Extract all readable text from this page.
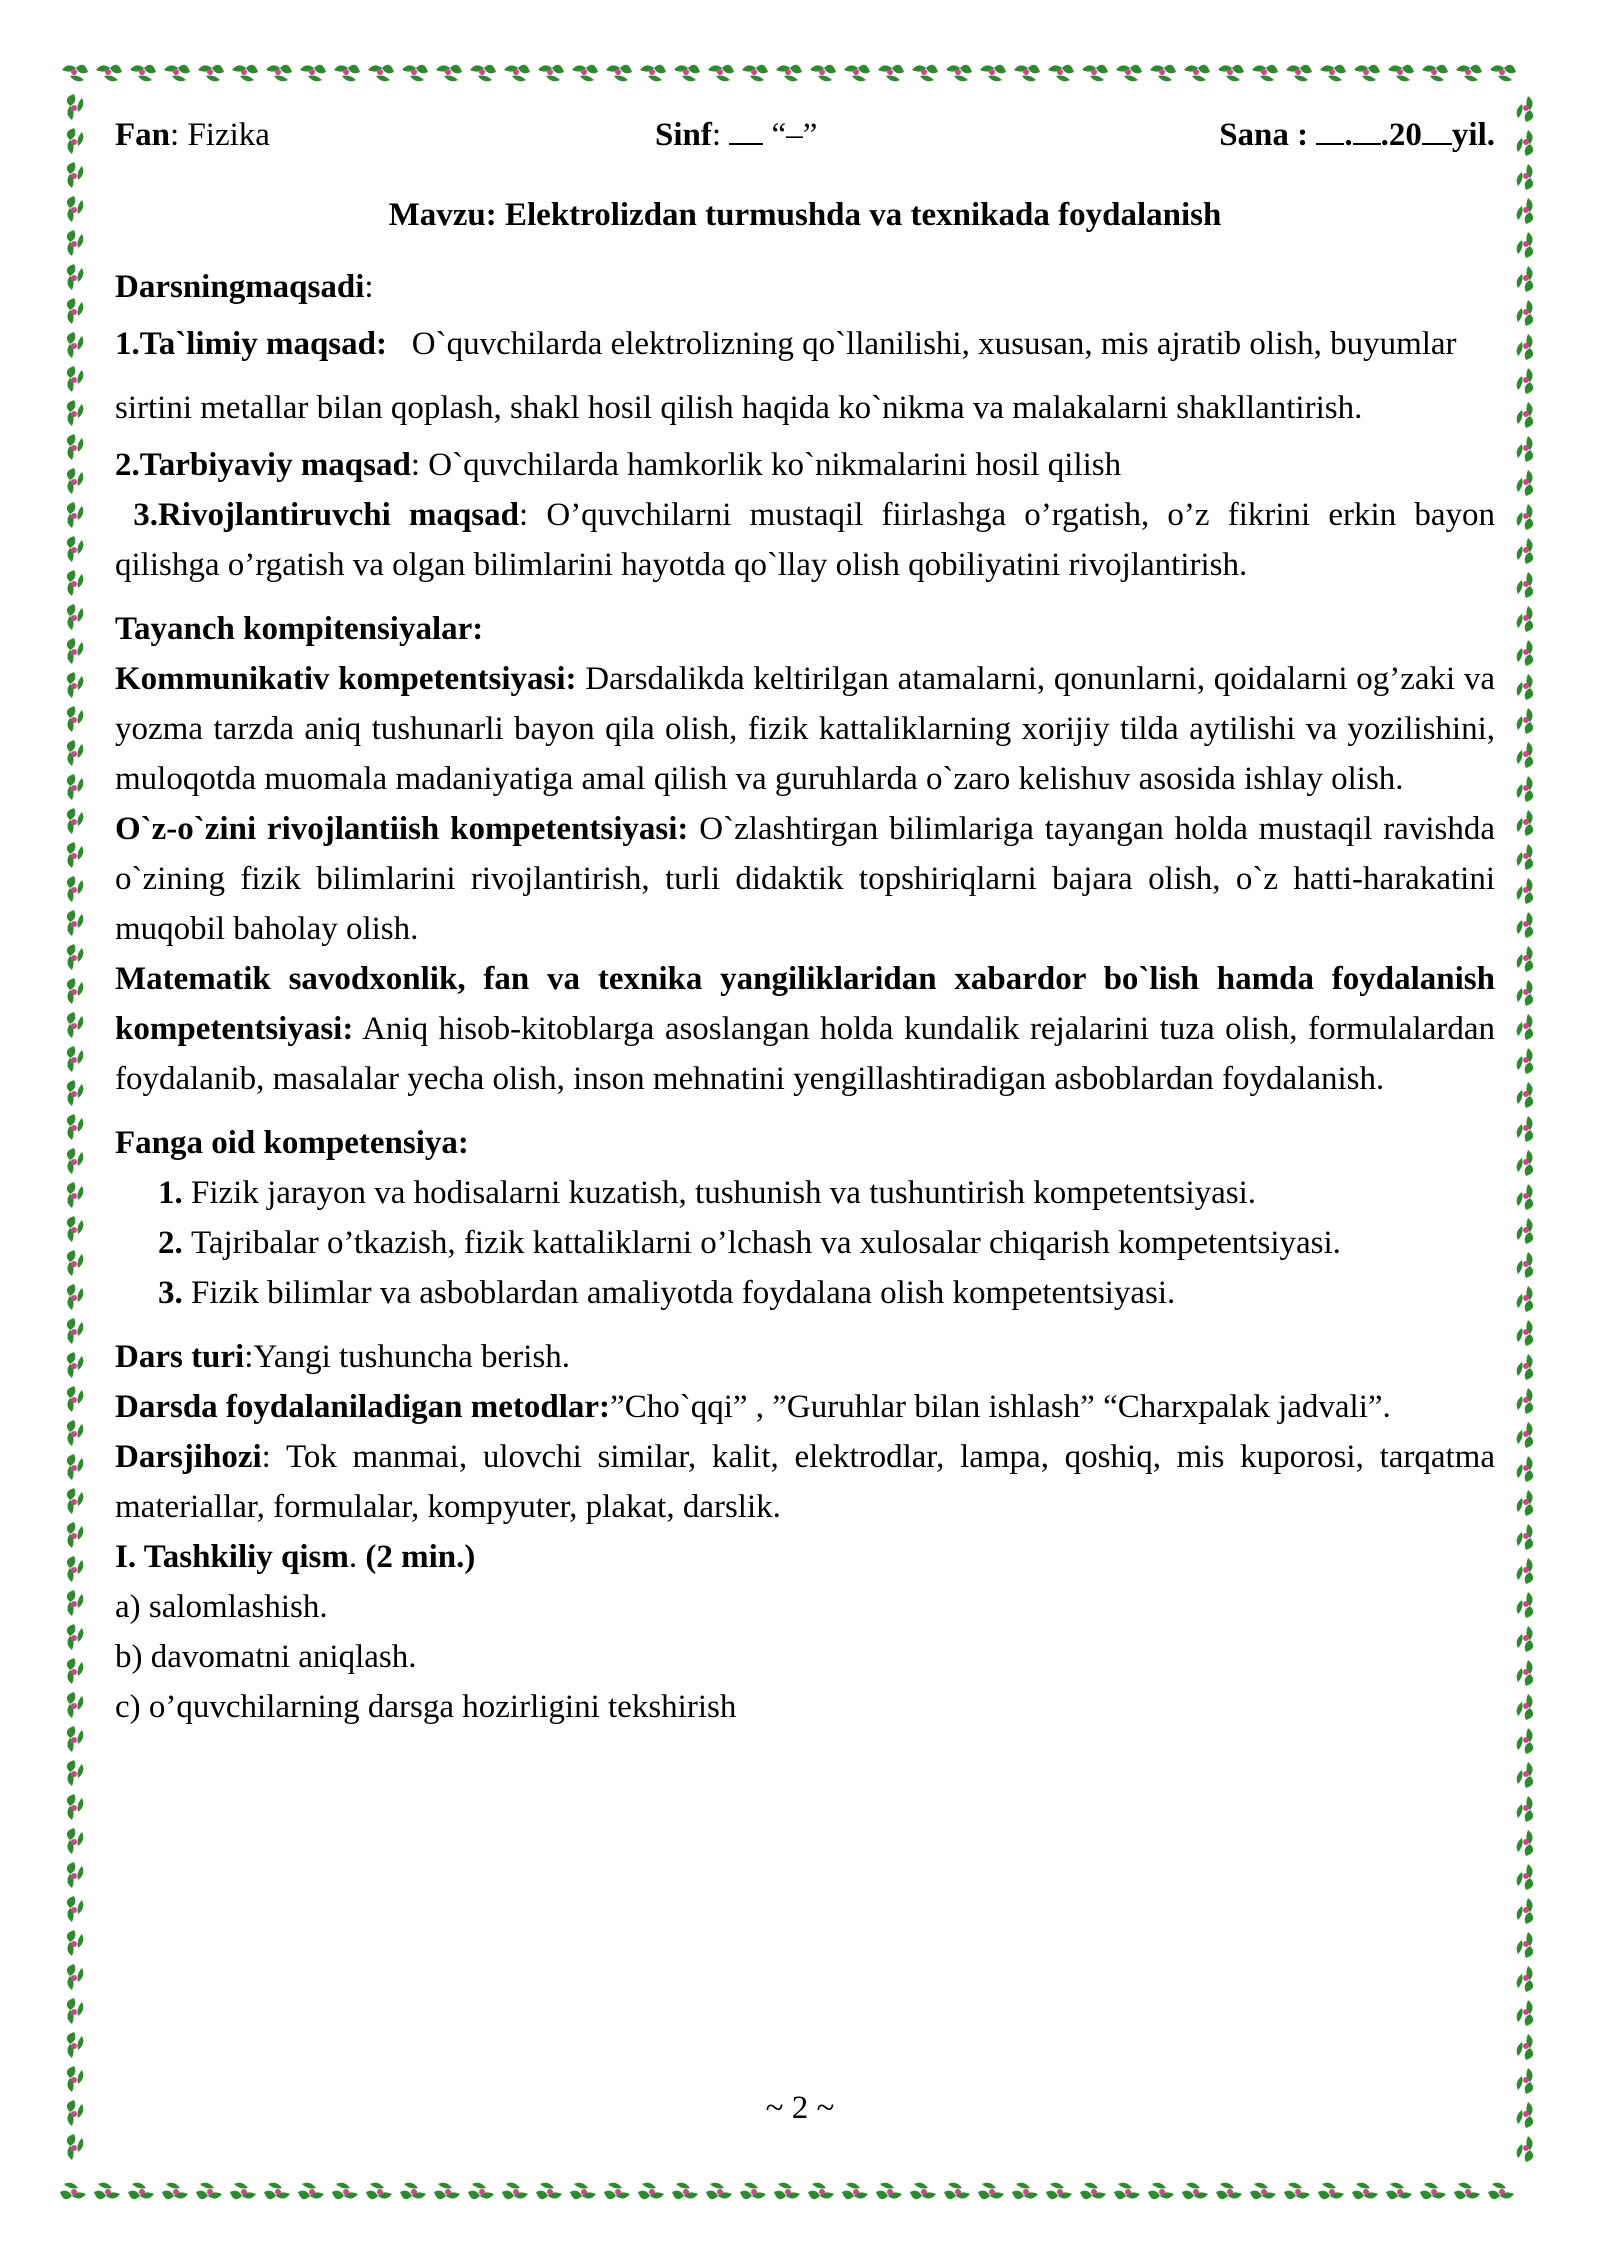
Fan: Fizika	Sinf:  “–”	Sana : . .20 yil.

Mavzu: Elektrolizdan turmushda va texnikada foydalanish

Darsningmaqsadi:

1.Ta`limiy maqsad: O`quvchilarda elektrolizning qo`llanilishi, xususan, mis ajratib olish, buyumlar sirtini metallar bilan qoplash, shakl hosil qilish haqida ko`nikma va malakalarni shakllantirish.

2.Tarbiyaviy maqsad: O`quvchilarda hamkorlik ko`nikmalarini hosil qilish

3.Rivojlantiruvchi maqsad: O’quvchilarni mustaqil fiirlashga o’rgatish, o’z fikrini erkin bayon qilishga o’rgatish va olgan bilimlarini hayotda qo`llay olish qobiliyatini rivojlantirish.

Tayanch kompitensiyalar:

Kommunikativ kompetentsiyasi: Darsdalikda keltirilgan atamalarni, qonunlarni, qoidalarni og’zaki va yozma tarzda aniq tushunarli bayon qila olish, fizik kattaliklarning xorijiy tilda aytilishi va yozilishini, muloqotda muomala madaniyatiga amal qilish va guruhlarda o`zaro kelishuv asosida ishlay olish.

O`z-o`zini rivojlantiish kompetentsiyasi: O`zlashtirgan bilimlariga tayangan holda mustaqil ravishda o`zining fizik bilimlarini rivojlantirish, turli didaktik topshiriqlarni bajara olish, o`z hatti-harakatini muqobil baholay olish.

Matematik savodxonlik, fan va texnika yangiliklaridan xabardor bo`lish hamda foydalanish kompetentsiyasi: Aniq hisob-kitoblarga asoslangan holda kundalik rejalarini tuza olish, formulalardan foydalanib, masalalar yecha olish, inson mehnatini yengillashtiradigan asboblardan foydalanish.

Fanga oid kompetensiya:

1. Fizik jarayon va hodisalarni kuzatish, tushunish va tushuntirish kompetentsiyasi.
2. Tajribalar o’tkazish, fizik kattaliklarni o’lchash va xulosalar chiqarish kompetentsiyasi.
3. Fizik bilimlar va asboblardan amaliyotda foydalana olish kompetentsiyasi.

Dars turi:Yangi tushuncha berish.

Darsda foydalaniladigan metodlar:”Cho`qqi” , ”Guruhlar bilan ishlash” “Charxpalak jadvali”.

Darsjihozi: Tok manmai, ulovchi similar, kalit, elektrodlar, lampa, qoshiq, mis kuporosi, tarqatma materiallar, formulalar, kompyuter, plakat, darslik.

I. Tashkiliy qism. (2 min.)

a) salomlashish.

b) davomatni aniqlash.

c) o’quvchilarning darsga hozirligini tekshirish

~ 2 ~
